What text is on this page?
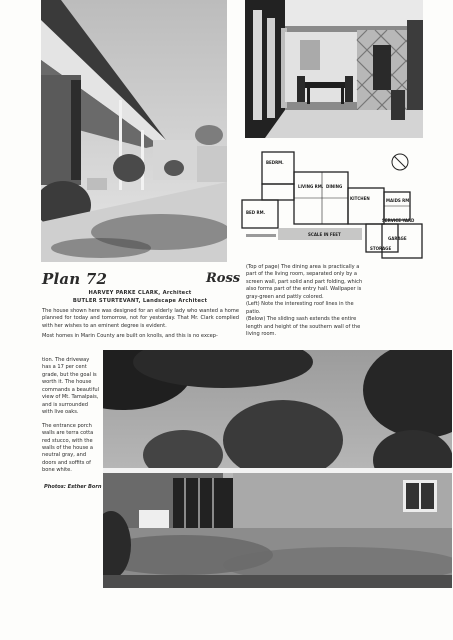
BEDRM.
BED RM.
LIVING RM. DINING
KITCHEN	MAIDS RM.
SERVICE YARD
GARAGE
STORAGE
SCALE IN FEET
Plan 72	Ross
HARVEY PARKE CLARK, Architect
BUTLER STURTEVANT, Landscape Architect
The house shown here was designed for an elderly lady who wanted a home planned for today and tomorrow, not for yesterday. That Mr. Clark complied with her wishes to an eminent degree is evident.

Most homes in Marin County are built on knolls, and this is no excep-

tion. The driveway has a 17 per cent grade, but the goal is worth it. The house commands a beautiful view of Mt. Tamalpais, and is surrounded with live oaks.

The entrance porch walls are terra cotta red stucco, with the walls of the house a neutral gray, and doors and soffits of bone white.

Photos: Esther Born

(Top of page) The dining area is practically a part of the living room, separated only by a screen wall, part solid and part folding, which also forms part of the entry hall. Wallpaper is gray-green and pattly colored.

(Left) Note the interesting roof lines in the patio.

(Below) The sliding sash extends the entire length and height of the southern wall of the living room.
